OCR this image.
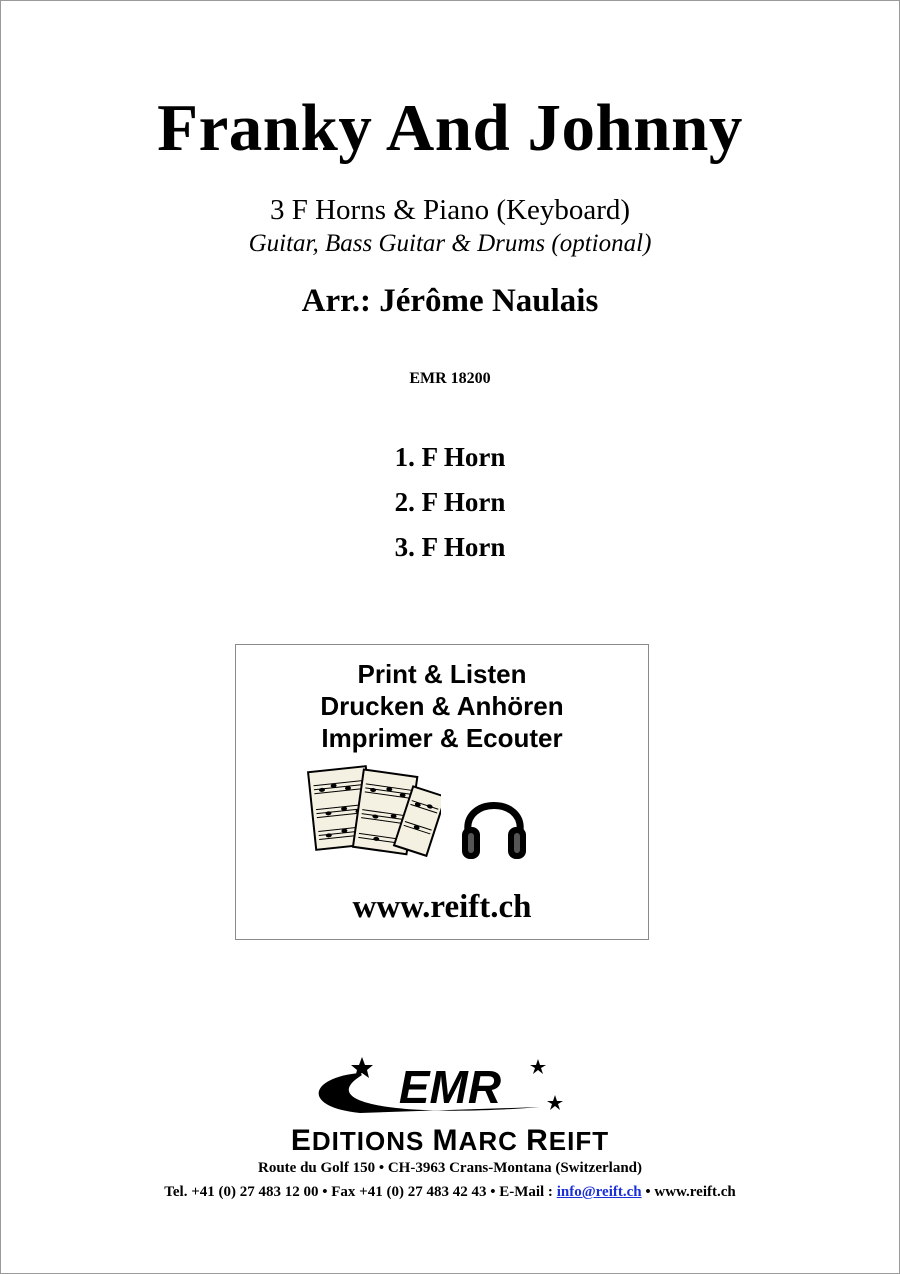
Franky And Johnny
3 F Horns & Piano (Keyboard)
Guitar, Bass Guitar & Drums (optional)
Arr.: Jérôme Naulais
EMR 18200
1. F Horn
2. F Horn
3. F Horn
Print & Listen
Drucken & Anhören
Imprimer & Ecouter
www.reift.ch
EMR
EDITIONS MARC REIFT
Route du Golf 150 • CH-3963 Crans-Montana (Switzerland)
Tel. +41 (0) 27 483 12 00 • Fax +41 (0) 27 483 42 43 • E-Mail : info@reift.ch • www.reift.ch
